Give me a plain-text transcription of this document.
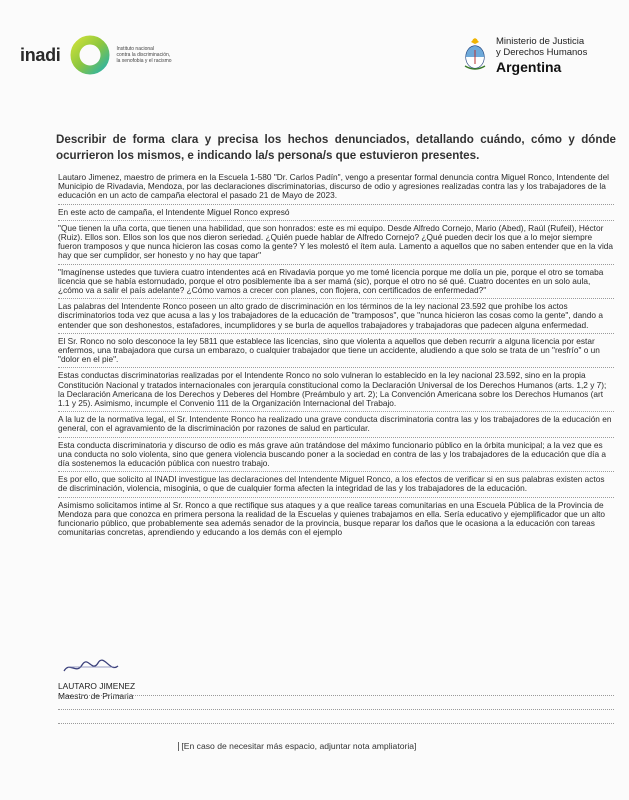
inadi	Instituto nacional
contra la discriminación,
la xenofobia y el racismo
Ministerio de Justicia
y Derechos Humanos
Argentina
Describir de forma clara y precisa los hechos denunciados, detallando cuándo, cómo y dónde ocurrieron los mismos, e indicando la/s persona/s que estuvieron presentes.

Lautaro Jimenez, maestro de primera en la Escuela 1-580 "Dr. Carlos Padín", vengo a presentar formal denuncia contra Miguel Ronco, Intendente del Municipio de Rivadavia, Mendoza, por las declaraciones discriminatorias, discurso de odio y agresiones realizadas contra las y los trabajadores de la educación en un acto de campaña electoral el pasado 21 de Mayo de 2023.

En este acto de campaña, el Intendente Miguel Ronco expresó

"Que tienen la uña corta, que tienen una habilidad, que son honrados: este es mi equipo. Desde Alfredo Cornejo, Mario (Abed), Raúl (Rufeil), Héctor (Ruiz). Ellos son. Ellos son los que nos dieron seriedad. ¿Quién puede hablar de Alfredo Cornejo? ¿Qué pueden decir los que a lo mejor siempre fueron tramposos y que nunca hicieron las cosas como la gente? Y les molestó el ítem aula. Lamento a aquellos que no saben entender que en la vida hay que ser cumplidor, ser honesto y no hay que tapar"

"Imagínense ustedes que tuviera cuatro intendentes acá en Rivadavia porque yo me tomé licencia porque me dolía un pie, porque el otro se tomaba licencia que se había estornudado, porque el otro posiblemente iba a ser mamá (sic), porque el otro no sé qué. Cuatro docentes en un solo aula, ¿cómo va a salir el país adelante? ¿Cómo vamos a crecer con planes, con flojera, con certificados de enfermedad?"

Las palabras del Intendente Ronco poseen un alto grado de discriminación en los términos de la ley nacional 23.592 que prohíbe los actos discriminatorios toda vez que acusa a las y los trabajadores de la educación de "tramposos", que "nunca hicieron las cosas como la gente", dando a entender que son deshonestos, estafadores, incumplidores y se burla de aquellos trabajadores y trabajadoras que padecen alguna enfermedad.

El Sr. Ronco no solo desconoce la ley 5811 que establece las licencias, sino que violenta a aquellos que deben recurrir a alguna licencia por estar enfermos, una trabajadora que cursa un embarazo, o cualquier trabajador que tiene un accidente, aludiendo a que solo se trata de un "resfrío" o un "dolor en el pie".

Estas conductas discriminatorias realizadas por el Intendente Ronco no solo vulneran lo establecido en la ley nacional 23.592, sino en la propia Constitución Nacional y tratados internacionales con jerarquía constitucional como la Declaración Universal de los Derechos Humanos (arts. 1,2 y 7); la Declaración Americana de los Derechos y Deberes del Hombre (Preámbulo y art. 2); La Convención Americana sobre los Derechos Humanos (art 1.1 y 25). Asimismo, incumple el Convenio 111 de la Organización Internacional del Trabajo.

A la luz de la normativa legal, el Sr. Intendente Ronco ha realizado una grave conducta discriminatoria contra las y los trabajadores de la educación en general, con el agravamiento de la discriminación por razones de salud en particular.

Esta conducta discriminatoria y discurso de odio es más grave aún tratándose del máximo funcionario público en la órbita municipal; a la vez que es una conducta no solo violenta, sino que genera violencia buscando poner a la sociedad en contra de las y los trabajadores de la educación que día a día sostenemos la educación pública con nuestro trabajo.

Es por ello, que solicito al INADI investigue las declaraciones del Intendente Miguel Ronco, a los efectos de verificar si en sus palabras existen actos de discriminación, violencia, misoginia, o que de cualquier forma afecten la integridad de las y los trabajadores de la educación.

Asimismo solicitamos intime al Sr. Ronco a que rectifique sus ataques y a que realice tareas comunitarias en una Escuela Pública de la Provincia de Mendoza para que conozca en primera persona la realidad de la Escuelas y quienes trabajamos en ella. Sería educativo y ejemplificador que un alto funcionario público, que probablemente sea además senador de la provincia, busque reparar los daños que le ocasiona a la educación con tareas comunitarias concretas, aprendiendo y educando a los demás con el ejemplo

LAUTARO JIMENEZ
Maestro de Primaria
[En caso de necesitar más espacio, adjuntar nota ampliatoria]
